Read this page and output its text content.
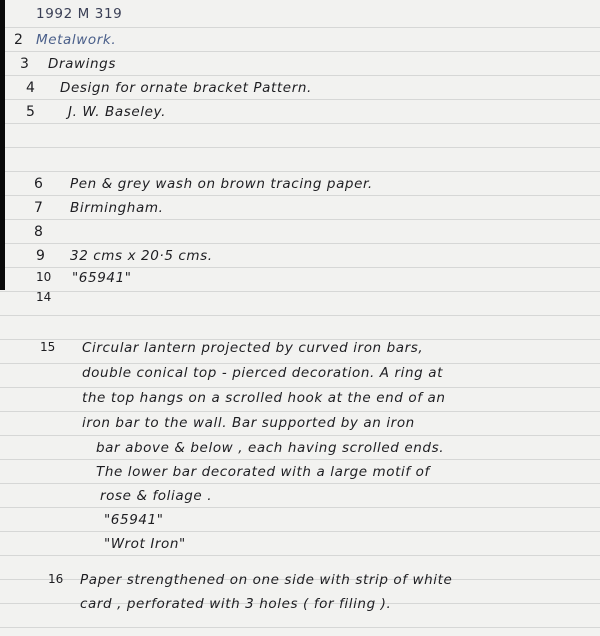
1992 M 319
2 Metalwork.
3 Drawings
4 Design for ornate bracket Pattern.
5 J. W. Baseley.
6 Pen & grey wash on brown tracing paper.
7 Birmingham.
8
9 32 cms x 20·5 cms.
10 "65941"
14
15 Circular lantern projected by curved iron bars,
double conical top - pierced decoration. A ring at
the top hangs on a scrolled hook at the end of an
iron bar to the wall. Bar supported by an iron
bar above & below , each having scrolled ends.
The lower bar decorated with a large motif of
rose & foliage .
"65941"
"Wrot Iron"
16 Paper strengthened on one side with strip of white
card , perforated with 3 holes ( for filing ).
